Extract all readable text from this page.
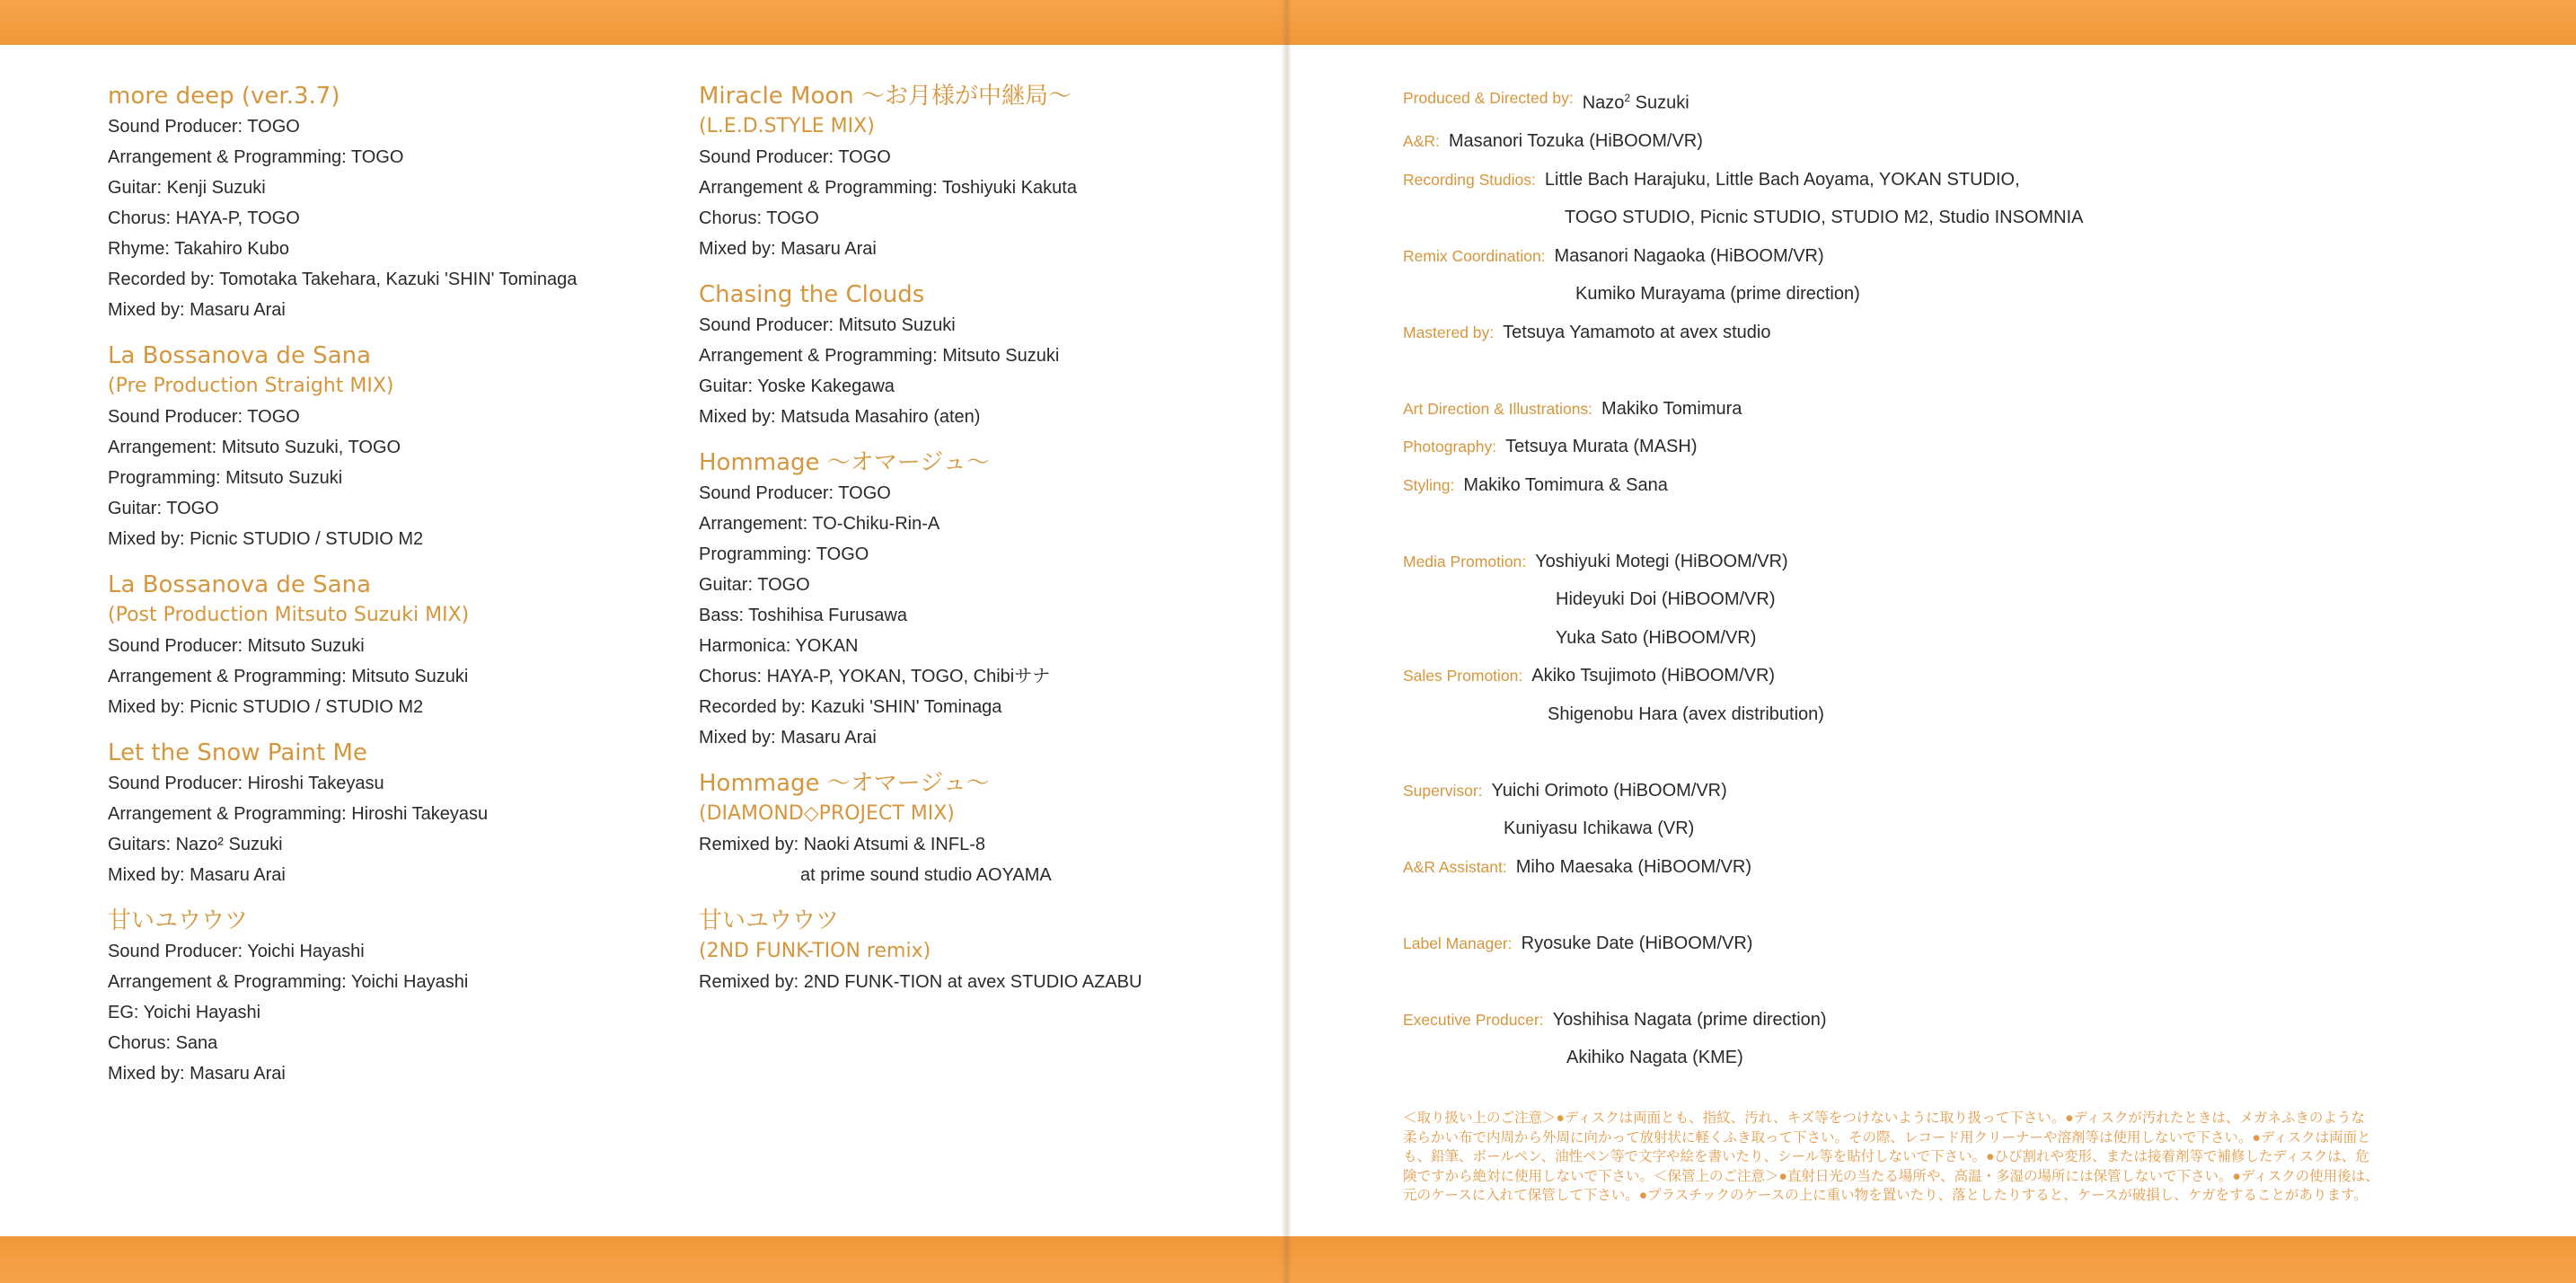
more deep (ver.3.7)
Sound Producer: TOGO
Arrangement & Programming: TOGO
Guitar: Kenji Suzuki
Chorus: HAYA-P, TOGO
Rhyme: Takahiro Kubo
Recorded by: Tomotaka Takehara, Kazuki 'SHIN' Tominaga
Mixed by: Masaru Arai
La Bossanova de Sana
(Pre Production Straight MIX)
Sound Producer: TOGO
Arrangement: Mitsuto Suzuki, TOGO
Programming: Mitsuto Suzuki
Guitar: TOGO
Mixed by: Picnic STUDIO / STUDIO M2
La Bossanova de Sana
(Post Production Mitsuto Suzuki MIX)
Sound Producer: Mitsuto Suzuki
Arrangement & Programming: Mitsuto Suzuki
Mixed by: Picnic STUDIO / STUDIO M2
Let the Snow Paint Me
Sound Producer: Hiroshi Takeyasu
Arrangement & Programming: Hiroshi Takeyasu
Guitars: Nazo² Suzuki
Mixed by: Masaru Arai
甘いユウウツ
Sound Producer: Yoichi Hayashi
Arrangement & Programming: Yoichi Hayashi
EG: Yoichi Hayashi
Chorus: Sana
Mixed by: Masaru Arai
Miracle Moon 〜お月様が中継局〜
(L.E.D.STYLE MIX)
Sound Producer: TOGO
Arrangement & Programming: Toshiyuki Kakuta
Chorus: TOGO
Mixed by: Masaru Arai
Chasing the Clouds
Sound Producer: Mitsuto Suzuki
Arrangement & Programming: Mitsuto Suzuki
Guitar: Yoske Kakegawa
Mixed by: Matsuda Masahiro (aten)
Hommage 〜オマージュ〜
Sound Producer: TOGO
Arrangement: TO-Chiku-Rin-A
Programming: TOGO
Guitar: TOGO
Bass: Toshihisa Furusawa
Harmonica: YOKAN
Chorus: HAYA-P, YOKAN, TOGO, Chibiサナ
Recorded by: Kazuki 'SHIN' Tominaga
Mixed by: Masaru Arai
Hommage 〜オマージュ〜
(DIAMOND◇PROJECT MIX)
Remixed by: Naoki Atsumi & INFL-8
at prime sound studio AOYAMA
甘いユウウツ
(2ND FUNK-TION remix)
Remixed by: 2ND FUNK-TION at avex STUDIO AZABU
Produced & Directed by: Nazo$^2$ Suzuki
A&R: Masanori Tozuka (HiBOOM/VR)
Recording Studios: Little Bach Harajuku, Little Bach Aoyama, YOKAN STUDIO,
TOGO STUDIO, Picnic STUDIO, STUDIO M2, Studio INSOMNIA
Remix Coordination: Masanori Nagaoka (HiBOOM/VR)
Kumiko Murayama (prime direction)
Mastered by: Tetsuya Yamamoto at avex studio
Art Direction & Illustrations: Makiko Tomimura
Photography: Tetsuya Murata (MASH)
Styling: Makiko Tomimura & Sana
Media Promotion: Yoshiyuki Motegi (HiBOOM/VR)
Hideyuki Doi (HiBOOM/VR)
Yuka Sato (HiBOOM/VR)
Sales Promotion: Akiko Tsujimoto (HiBOOM/VR)
Shigenobu Hara (avex distribution)
Supervisor: Yuichi Orimoto (HiBOOM/VR)
Kuniyasu Ichikawa (VR)
A&R Assistant: Miho Maesaka (HiBOOM/VR)
Label Manager: Ryosuke Date (HiBOOM/VR)
Executive Producer: Yoshihisa Nagata (prime direction)
Akihiko Nagata (KME)
＜取り扱い上のご注意＞●ディスクは両面とも、指紋、汚れ、キズ等をつけないように取り扱って下さい。●ディスクが汚れたときは、メガネふきのような
柔らかい布で内周から外周に向かって放射状に軽くふき取って下さい。その際、レコード用クリーナーや溶剤等は使用しないで下さい。●ディスクは両面と
も、鉛筆、ボールペン、油性ペン等で文字や絵を書いたり、シール等を貼付しないで下さい。●ひび割れや変形、または接着剤等で補修したディスクは、危
険ですから絶対に使用しないで下さい。＜保管上のご注意＞●直射日光の当たる場所や、高温・多湿の場所には保管しないで下さい。●ディスクの使用後は、
元のケースに入れて保管して下さい。●プラスチックのケースの上に重い物を置いたり、落としたりすると、ケースが破損し、ケガをすることがあります。
